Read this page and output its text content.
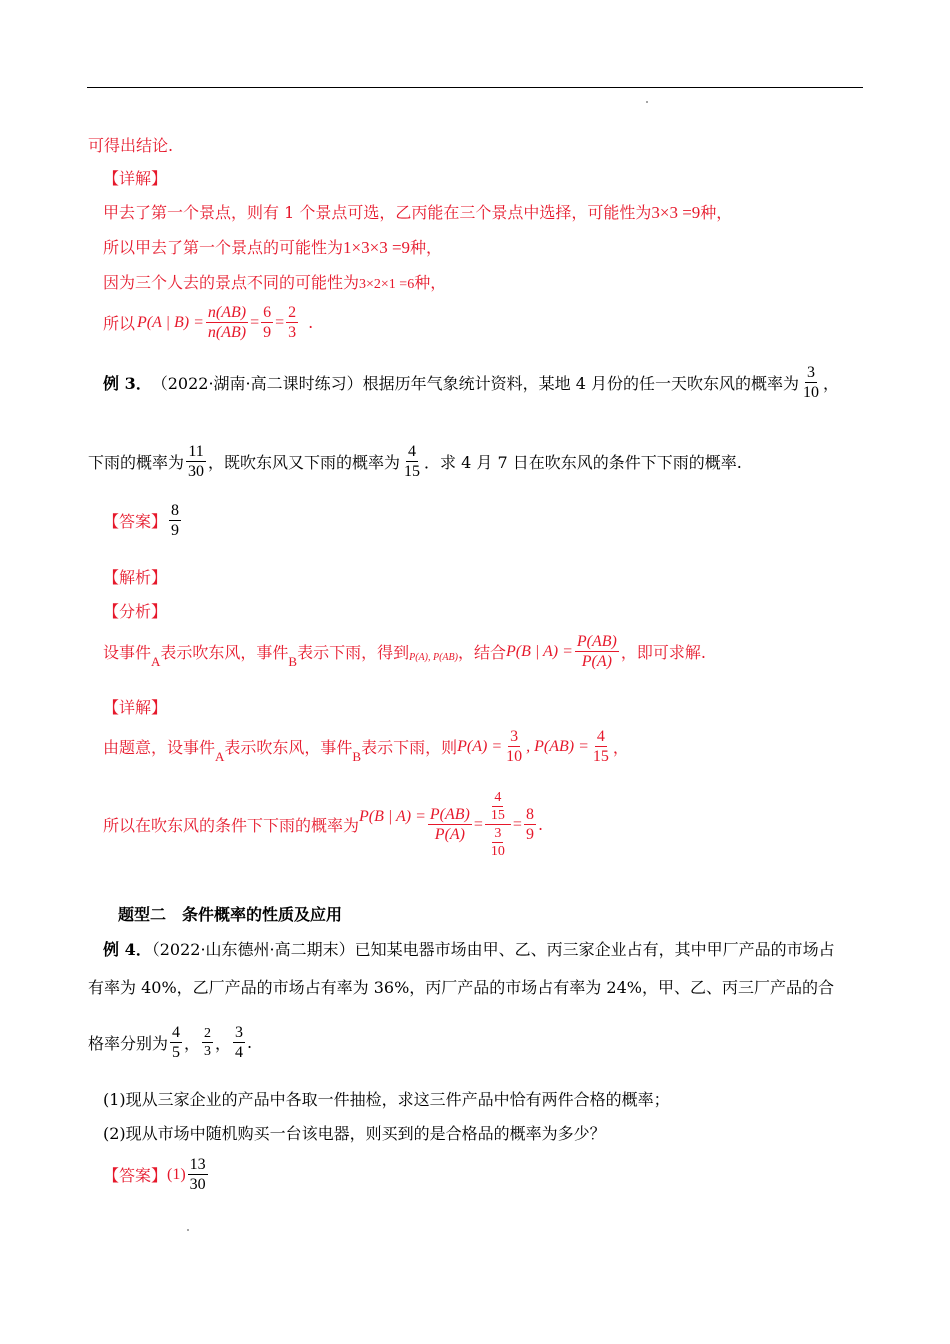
可得出结论.
【详解】
甲去了第一个景点，则有 1 个景点可选，乙丙能在三个景点中选择，可能性为3×3 =9种，
所以甲去了第一个景点的可能性为1×3×3 =9种，
因为三个人去的景点不同的可能性为3×2×1 =6种，
所以 P(A | $B) = \frac{n(AB)}{n(AB)} = \frac{6}{9} = \frac{2}{3}$ .
例 3． （2022·湖南·高二课时练习） 根据历年气象统计资料，某地 4 月份的任一天吹东风的概率为 $\frac{3}{10}$ ，
下雨的概率为 $\frac{11}{30}$ ，既吹东风又下雨的概率为 $\frac{4}{15}$ ．求 4 月 7 日在吹东风的条件下下雨的概率.
【答案】 $\frac{8}{9}$
【解析】
【分析】
设事件 A 表示吹东风，事件 B 表示下雨，得到 P(A), P(AB) ，结合 P(B | $A) = \frac{P(AB)}{P(A)}$ ，即可求解.
【详解】
由题意，设事件 A 表示吹东风，事件 B 表示下雨，则 $P(A) = \frac{3}{10}$ , $P(AB) = \frac{4}{15}$ ，
所以在吹东风的条件下下雨的概率为 P(B | $A) = \frac{P(AB)}{P(A)} = \frac{\frac{4}{15}}{\frac{3}{10}} = \frac{8}{9}$ .
题型二　条件概率的性质及应用
例 4．（2022·山东德州·高二期末）已知某电器市场由甲、乙、丙三家企业占有，其中甲厂产品的市场占
有率为 40%，乙厂产品的市场占有率为 36%，丙厂产品的市场占有率为 24%，甲、乙、丙三厂产品的合
格率分别为 $\frac{4}{5}$ ， $\frac{2}{3}$ ， $\frac{3}{4}$ .
(1)现从三家企业的产品中各取一件抽检，求这三件产品中恰有两件合格的概率；
(2)现从市场中随机购买一台该电器，则买到的是合格品的概率为多少？
【答案】 $(1) \frac{13}{30}$
